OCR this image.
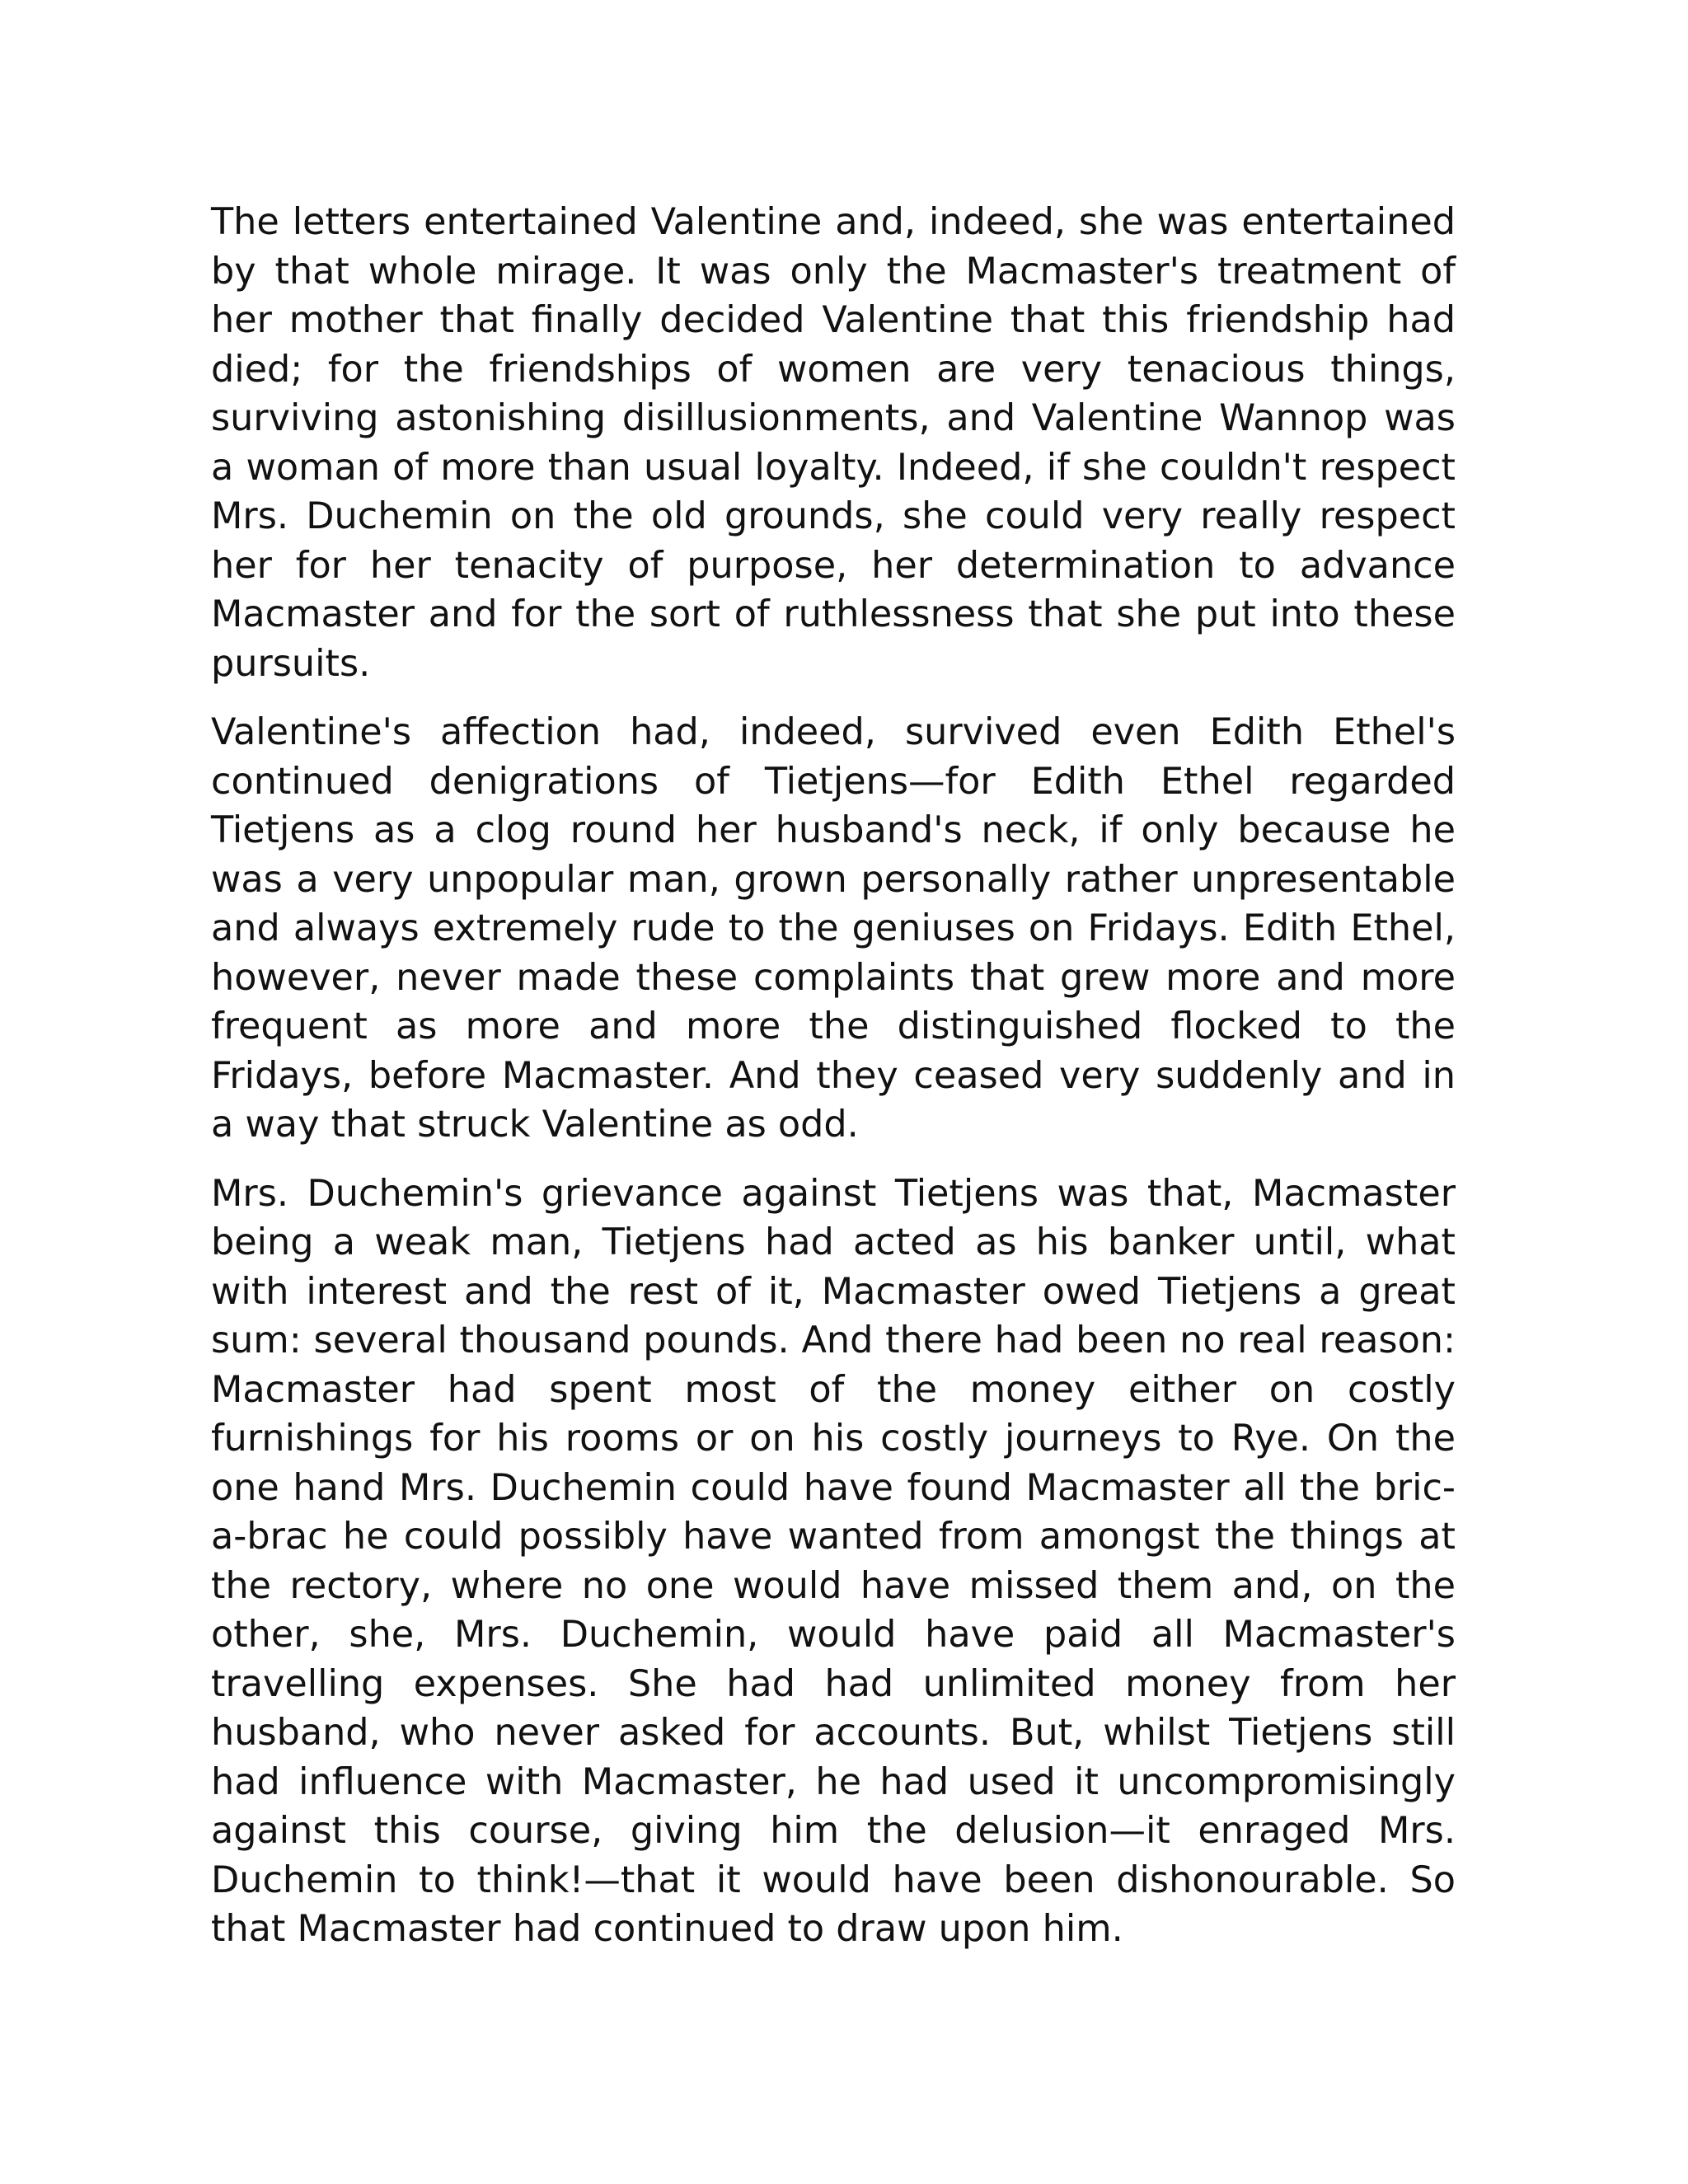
The letters entertained Valentine and, indeed, she was entertained by that whole mirage. It was only the Macmaster's treatment of her mother that finally decided Valentine that this friendship had died; for the friendships of women are very tenacious things, surviving astonishing disillusionments, and Valentine Wannop was a woman of more than usual loyalty. Indeed, if she couldn't respect Mrs. Duchemin on the old grounds, she could very really respect her for her tenacity of purpose, her determination to advance Macmaster and for the sort of ruthlessness that she put into these pursuits.

Valentine's affection had, indeed, survived even Edith Ethel's continued denigrations of Tietjens—for Edith Ethel regarded Tietjens as a clog round her husband's neck, if only because he was a very unpopular man, grown personally rather unpresentable and always extremely rude to the geniuses on Fridays. Edith Ethel, however, never made these complaints that grew more and more frequent as more and more the distinguished flocked to the Fridays, before Macmaster. And they ceased very suddenly and in a way that struck Valentine as odd.

Mrs. Duchemin's grievance against Tietjens was that, Macmaster being a weak man, Tietjens had acted as his banker until, what with interest and the rest of it, Macmaster owed Tietjens a great sum: several thousand pounds. And there had been no real reason: Macmaster had spent most of the money either on costly furnishings for his rooms or on his costly journeys to Rye. On the one hand Mrs. Duchemin could have found Macmaster all the bric-a-brac he could possibly have wanted from amongst the things at the rectory, where no one would have missed them and, on the other, she, Mrs. Duchemin, would have paid all Macmaster's travelling expenses. She had had unlimited money from her husband, who never asked for accounts. But, whilst Tietjens still had influence with Macmaster, he had used it uncompromisingly against this course, giving him the delusion—it enraged Mrs. Duchemin to think!—that it would have been dishonourable. So that Macmaster had continued to draw upon him.
